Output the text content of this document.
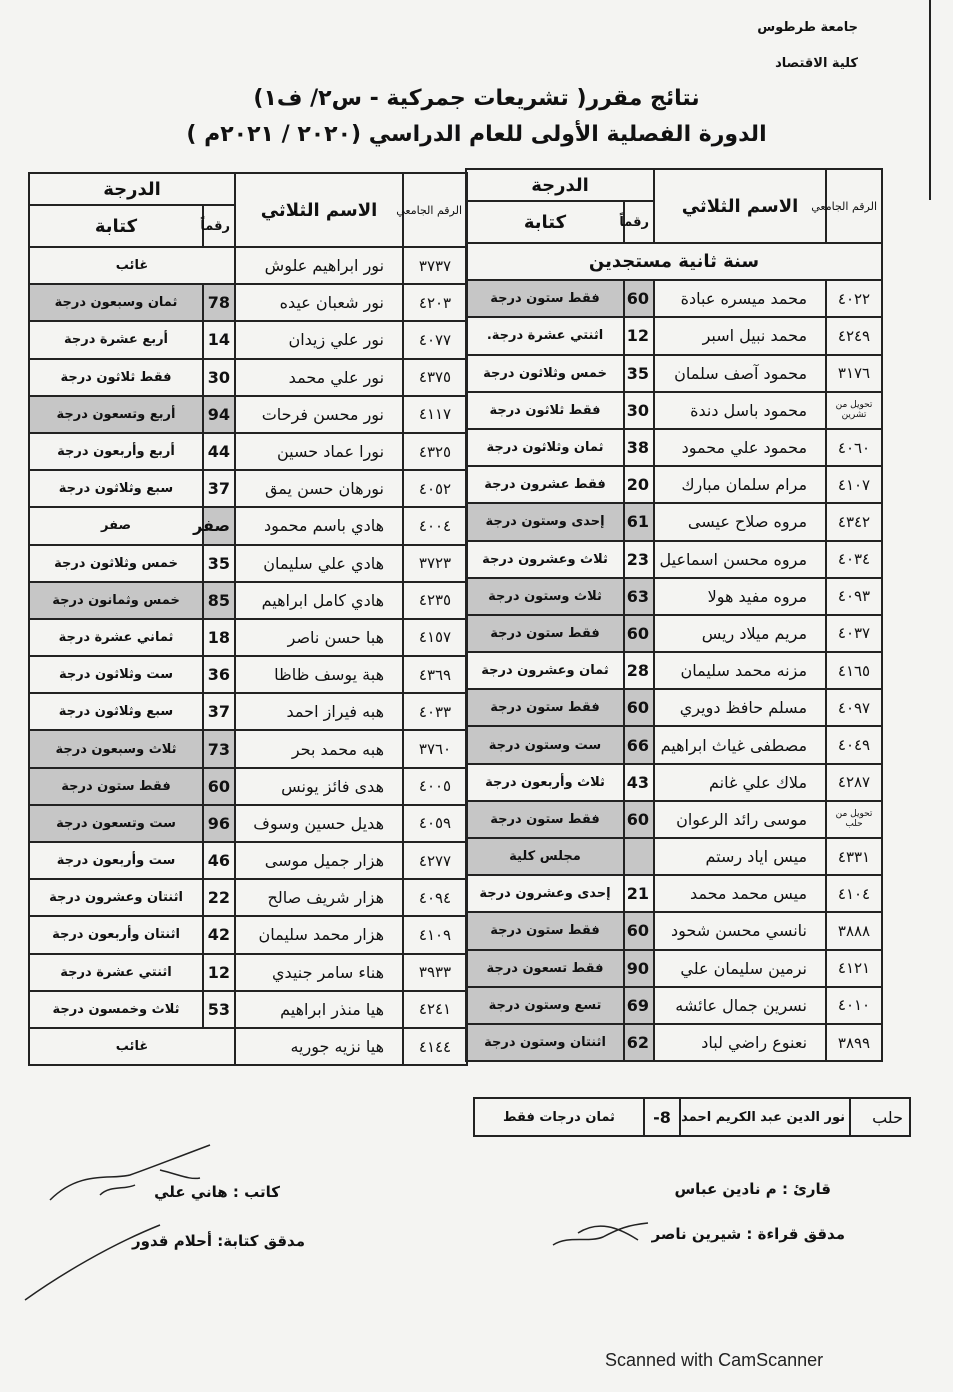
جامعة طرطوس
كلية الاقتصاد
نتائج مقرر( تشريعات جمركية - س٢/ ف١)
الدورة الفصلية الأولى للعام الدراسي (٢٠٢٠ / ٢٠٢١م )
الرقم الجامعي	الاسم الثلاثي	الدرجة	
		رقماً	كتابة
سنة ثانية مستجدين			
٤٠٢٢	محمد ميسره عبادة	60	فقط ستون درجة
٤٢٤٩	محمد نبيل اسبر	12	اثنتي عشرة درجة.
٣١٧٦	محمود آصف سلمان	35	خمس وثلاثون درجة
تحويل من تشرين	محمود باسل دندة	30	فقط ثلاثون درجة
٤٠٦٠	محمود علي محمود	38	ثمان وثلاثون درجة
٤١٠٧	مرام سلمان مبارك	20	فقط عشرون درجة
٤٣٤٢	مروه صلاح عيسى	61	إحدى وستون درجة
٤٠٣٤	مروه محسن اسماعيل	23	ثلاث وعشرون درجة
٤٠٩٣	مروه مفيد هولا	63	ثلاث وستون درجة
٤٠٣٧	مريم ميلاد ريس	60	فقط ستون درجة
٤١٦٥	مزنه محمد سليمان	28	ثمان وعشرون درجة
٤٠٩٧	مسلم حافظ دويري	60	فقط ستون درجة
٤٠٤٩	مصطفى غياث ابراهيم	66	ست وستون درجة
٤٢٨٧	ملاك علي غانم	43	ثلاث وأربعون درجة
تحويل من حلب	موسى رائد الرعوان	60	فقط ستون درجة
٤٣٣١	ميس اياد رستم		مجلس كلية
٤١٠٤	ميس محمد محمد	21	إحدى وعشرون درجة
٣٨٨٨	نانسي محسن شحود	60	فقط ستون درجة
٤١٢١	نرمين سليمان علي	90	فقط تسعون درجة
٤٠١٠	نسرين جمال عائشه	69	تسع وستون درجة
٣٨٩٩	نعنوع راضي لباد	62	اثنتان وستون درجة
الرقم الجامعي	الاسم الثلاثي	الدرجة	
		رقماً	كتابة
٣٧٣٧	نور ابراهيم علوش	غائب	
٤٢٠٣	نور شعبان عيده	78	ثمان وسبعون درجة
٤٠٧٧	نور علي زيدان	14	أربع عشرة درجة
٤٣٧٥	نور علي محمد	30	فقط ثلاثون درجة
٤١١٧	نور محسن فرحات	94	أربع وتسعون درجة
٤٣٢٥	نورا عماد حسين	44	أربع وأربعون درجة
٤٠٥٢	نورهان حسن يمق	37	سبع وثلاثون درجة
٤٠٠٤	هادي باسم محمود	صفر	صفر
٣٧٢٣	هادي علي سليمان	35	خمس وثلاثون درجة
٤٢٣٥	هادي كامل ابراهيم	85	خمس وثمانون درجة
٤١٥٧	هبا حسن ناصر	18	ثماني عشرة درجة
٤٣٦٩	هبة يوسف ظاظا	36	ست وثلاثون درجة
٤٠٣٣	هبه فيراز احمد	37	سبع وثلاثون درجة
٣٧٦٠	هبه محمد بحر	73	ثلاث وسبعون درجة
٤٠٠٥	هدى فائز يونس	60	فقط ستون درجة
٤٠٥٩	هديل حسين وسوف	96	ست وتسعون درجة
٤٢٧٧	هزار جميل موسى	46	ست وأربعون درجة
٤٠٩٤	هزار شريف صالح	22	اثنتان وعشرون درجة
٤١٠٩	هزار محمد سليمان	42	اثنتان وأربعون درجة
٣٩٣٣	هناء سامر جنيدي	12	اثنتي عشرة درجة
٤٢٤١	هيا منذر ابراهيم	53	ثلاث وخمسون درجة
٤١٤٤	هيا نزيه جوريه	غائب	
حلب	نور الدين عبد الكريم احمد	8-	ثمان درجات فقط
قارئ : م نادين عباس
مدقق قراءة : شيرين ناصر
كاتب : هاني علي
مدقق كتابة: أحلام قدور
Scanned with CamScanner
